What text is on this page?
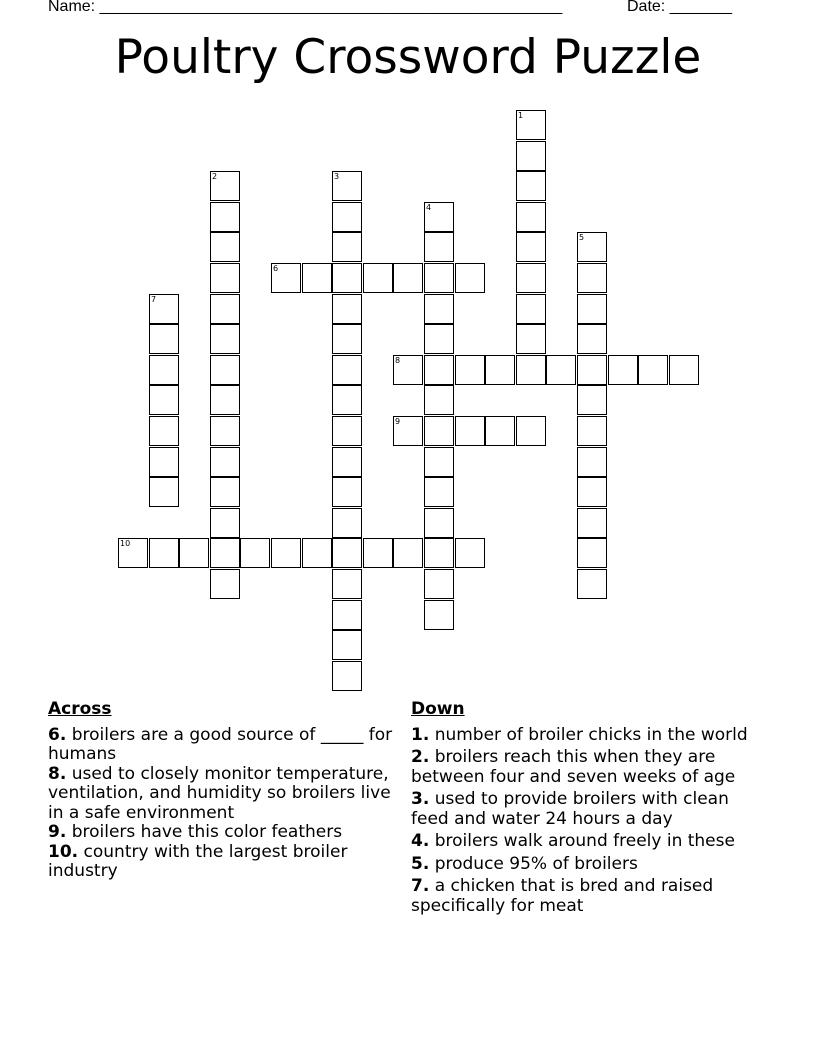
Name: ____________________________________________________	Date: _______
Poultry Crossword Puzzle
1
2	3
4
5
6
7
8
9
10
Across
6. broilers are a good source of _____ for humans
8. used to closely monitor temperature, ventilation, and humidity so broilers live in a safe environment
9. broilers have this color feathers
10. country with the largest broiler industry
Down
1. number of broiler chicks in the world
2. broilers reach this when they are between four and seven weeks of age
3. used to provide broilers with clean feed and water 24 hours a day
4. broilers walk around freely in these
5. produce 95% of broilers
7. a chicken that is bred and raised specifically for meat
